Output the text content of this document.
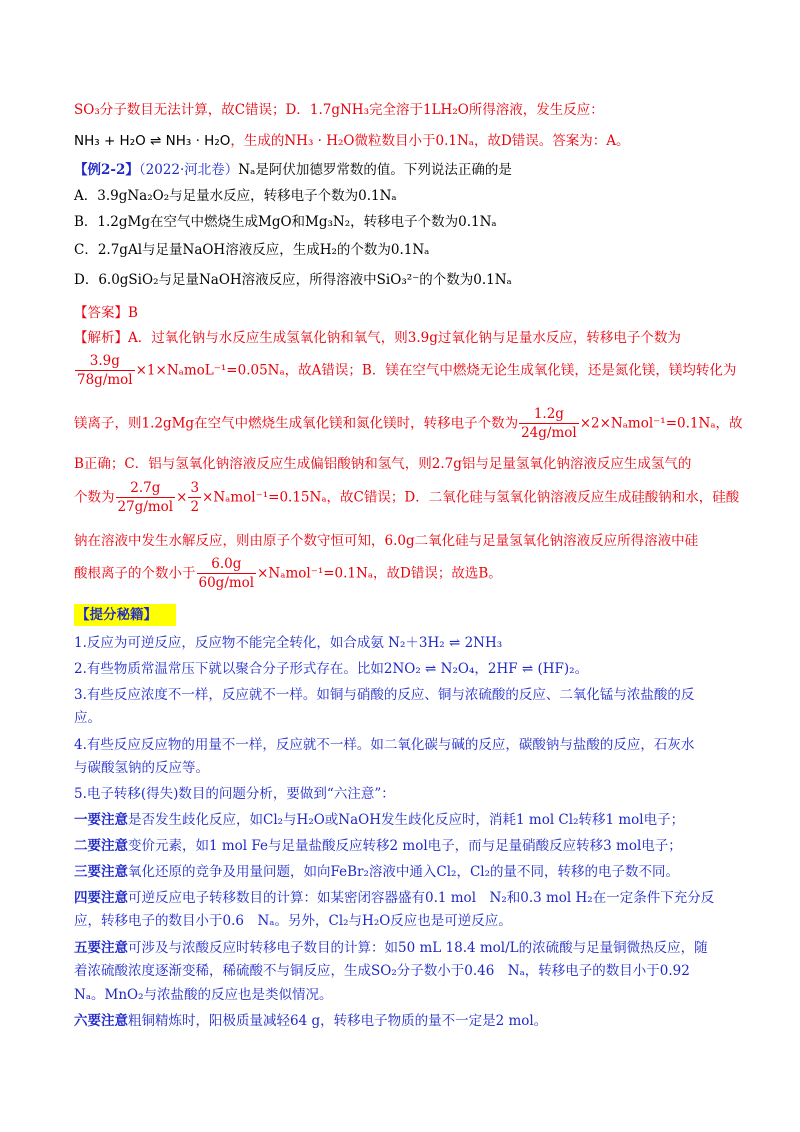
SO₃分子数目无法计算，故C错误；D．1.7gNH₃完全溶于1LH₂O所得溶液，发生反应：
NH₃ + H₂O ⇌ NH₃ · H₂O，生成的NH₃ · H₂O微粒数目小于0.1Nₐ，故D错误。答案为：A。
【例2-2】（2022·河北卷）Nₐ是阿伏加德罗常数的值。下列说法正确的是
A．3.9gNa₂O₂与足量水反应，转移电子个数为0.1Nₐ
B．1.2gMg在空气中燃烧生成MgO和Mg₃N₂，转移电子个数为0.1Nₐ
C．2.7gAl与足量NaOH溶液反应，生成H₂的个数为0.1Nₐ
D．6.0gSiO₂与足量NaOH溶液反应，所得溶液中SiO₃²⁻的个数为0.1Nₐ
【答案】B
【解析】A．过氧化钠与水反应生成氢氧化钠和氧气，则3.9g过氧化钠与足量水反应，转移电子个数为
$\frac{3.9g}{\text{78g/mol}} \times 1\times N_amoL^{-1}=0.05N_a$，故A错误；B．镁在空气中燃烧无论生成氧化镁，还是氮化镁，镁均转化为
镁离子，则1.2gMg在空气中燃烧生成氧化镁和氮化镁时，转移电子个数为 $\frac{1.2g}{\text{24g/mol}} \times 2\times N_amol^{-1}=0.1N_a$，故
B正确；C．铝与氢氧化钠溶液反应生成偏铝酸钠和氢气，则2.7g铝与足量氢氧化钠溶液反应生成氢气的
个数为 $\frac{2.7g}{\text{27g/mol}} \times \frac{3}{2} \times N_amol^{-1}=0.15N_a$，故C错误；D．二氧化硅与氢氧化钠溶液反应生成硅酸钠和水，硅酸
钠在溶液中发生水解反应，则由原子个数守恒可知，6.0g二氧化硅与足量氢氧化钠溶液反应所得溶液中硅
酸根离子的个数小于 $\frac{6.0g}{\text{60g/mol}} \times N_amol^{-1}=0.1N_a$，故D错误；故选B。
【提分秘籍】
1.反应为可逆反应，反应物不能完全转化，如合成氨 N₂＋3H₂ ⇌ 2NH₃
2.有些物质常温常压下就以聚合分子形式存在。比如2NO₂ ⇌ N₂O₄，2HF ⇌ (HF)₂。
3.有些反应浓度不一样，反应就不一样。如铜与硝酸的反应、铜与浓硫酸的反应、二氧化锰与浓盐酸的反
应。
4.有些反应反应物的用量不一样，反应就不一样。如二氧化碳与碱的反应，碳酸钠与盐酸的反应，石灰水
与碳酸氢钠的反应等。
5.电子转移(得失)数目的问题分析，要做到“六注意”：
一要注意是否发生歧化反应，如Cl₂与H₂O或NaOH发生歧化反应时，消耗1 mol Cl₂转移1 mol电子；
二要注意变价元素，如1 mol Fe与足量盐酸反应转移2 mol电子，而与足量硝酸反应转移3 mol电子；
三要注意氧化还原的竞争及用量问题，如向FeBr₂溶液中通入Cl₂，Cl₂的量不同，转移的电子数不同。
四要注意可逆反应电子转移数目的计算：如某密闭容器盛有0.1 mol　N₂和0.3 mol H₂在一定条件下充分反
应，转移电子的数目小于0.6　Nₐ。另外，Cl₂与H₂O反应也是可逆反应。
五要注意可涉及与浓酸反应时转移电子数目的计算：如50 mL 18.4 mol/L的浓硫酸与足量铜微热反应，随
着浓硫酸浓度逐渐变稀，稀硫酸不与铜反应，生成SO₂分子数小于0.46　Nₐ，转移电子的数目小于0.92
Nₐ。MnO₂与浓盐酸的反应也是类似情况。
六要注意粗铜精炼时，阳极质量减轻64 g，转移电子物质的量不一定是2 mol。
